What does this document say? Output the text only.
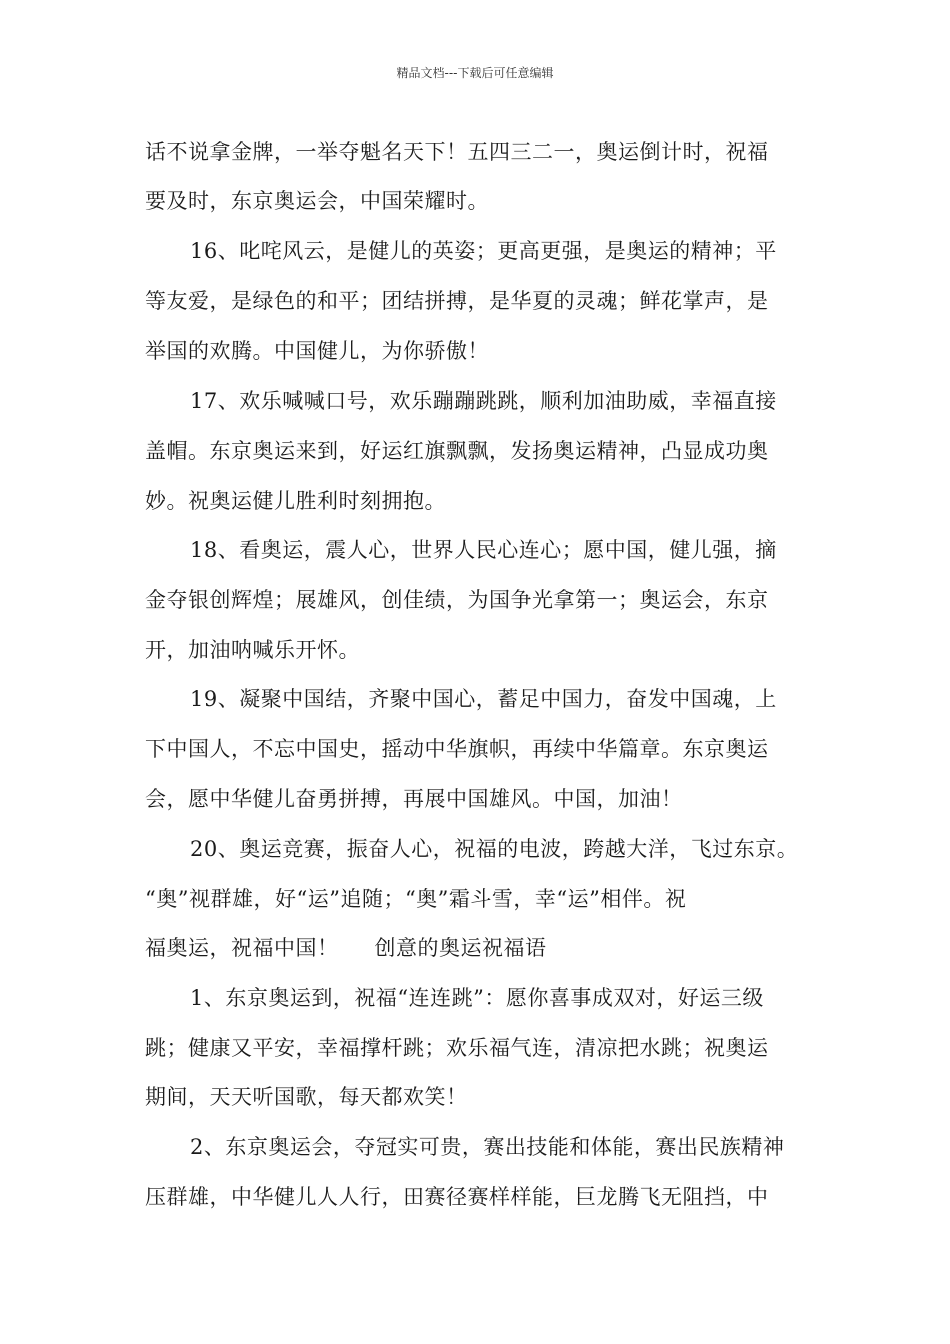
精品文档---下载后可任意编辑
话不说拿金牌，一举夺魁名天下！五四三二一，奥运倒计时，祝福
要及时，东京奥运会，中国荣耀时。
16、叱咤风云，是健儿的英姿；更高更强，是奥运的精神；平
等友爱，是绿色的和平；团结拼搏，是华夏的灵魂；鲜花掌声，是
举国的欢腾。中国健儿，为你骄傲！
17、欢乐喊喊口号，欢乐蹦蹦跳跳，顺利加油助威，幸福直接
盖帽。东京奥运来到，好运红旗飘飘，发扬奥运精神，凸显成功奥
妙。祝奥运健儿胜利时刻拥抱。
18、看奥运，震人心，世界人民心连心；愿中国，健儿强，摘
金夺银创辉煌；展雄风，创佳绩，为国争光拿第一；奥运会，东京
开，加油呐喊乐开怀。
19、凝聚中国结，齐聚中国心，蓄足中国力，奋发中国魂，上
下中国人，不忘中国史，摇动中华旗帜，再续中华篇章。东京奥运
会，愿中华健儿奋勇拼搏，再展中国雄风。中国，加油！
20、奥运竞赛，振奋人心，祝福的电波，跨越大洋，飞过东京。
“奥”视群雄，好“运”追随；“奥”霜斗雪，幸“运”相伴。祝
福奥运，祝福中国！ 创意的奥运祝福语
1、东京奥运到，祝福“连连跳”：愿你喜事成双对，好运三级
跳；健康又平安，幸福撑杆跳；欢乐福气连，清凉把水跳；祝奥运
期间，天天听国歌，每天都欢笑！
2、东京奥运会，夺冠实可贵，赛出技能和体能，赛出民族精神
压群雄，中华健儿人人行，田赛径赛样样能，巨龙腾飞无阻挡，中
